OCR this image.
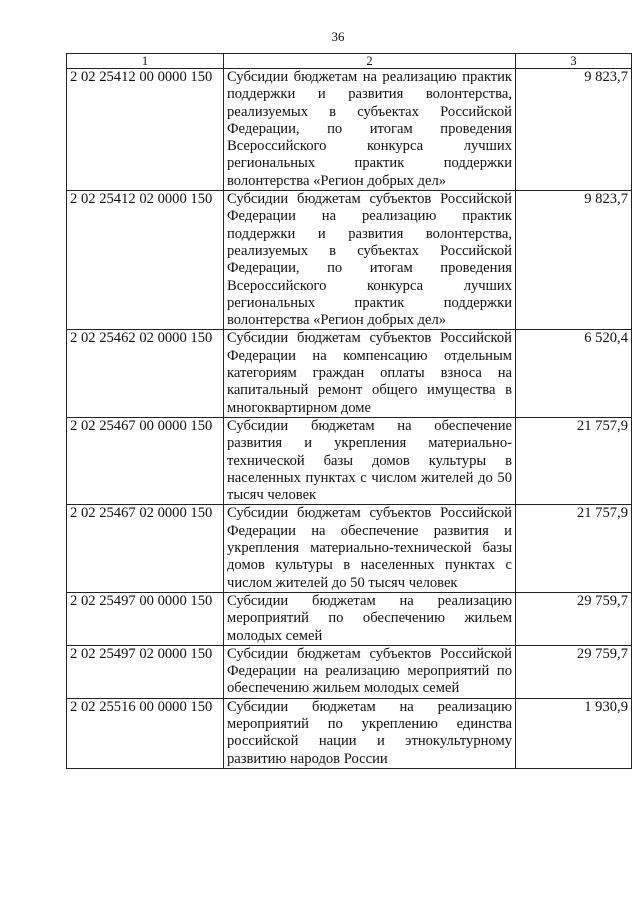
36
1	2	3
2 02 25412 00 0000 150	Субсидии бюджетам на реализацию практик поддержки и развития волонтерства, реализуемых в субъектах Российской Федерации, по итогам проведения Всероссийского конкурса лучших региональных практик поддержки волонтерства «Регион добрых дел»	9 823,7
2 02 25412 02 0000 150	Субсидии бюджетам субъектов Российской Федерации на реализацию практик поддержки и развития волонтерства, реализуемых в субъектах Российской Федерации, по итогам проведения Всероссийского конкурса лучших региональных практик поддержки волонтерства «Регион добрых дел»	9 823,7
2 02 25462 02 0000 150	Субсидии бюджетам субъектов Российской Федерации на компенсацию отдельным категориям граждан оплаты взноса на капитальный ремонт общего имущества в многоквартирном доме	6 520,4
2 02 25467 00 0000 150	Субсидии бюджетам на обеспечение развития и укрепления материально-технической базы домов культуры в населенных пунктах с числом жителей до 50 тысяч человек	21 757,9
2 02 25467 02 0000 150	Субсидии бюджетам субъектов Российской Федерации на обеспечение развития и укрепления материально-технической базы домов культуры в населенных пунктах с числом жителей до 50 тысяч человек	21 757,9
2 02 25497 00 0000 150	Субсидии бюджетам на реализацию мероприятий по обеспечению жильем молодых семей	29 759,7
2 02 25497 02 0000 150	Субсидии бюджетам субъектов Российской Федерации на реализацию мероприятий по обеспечению жильем молодых семей	29 759,7
2 02 25516 00 0000 150	Субсидии бюджетам на реализацию мероприятий по укреплению единства российской нации и этнокультурному развитию народов России	1 930,9
